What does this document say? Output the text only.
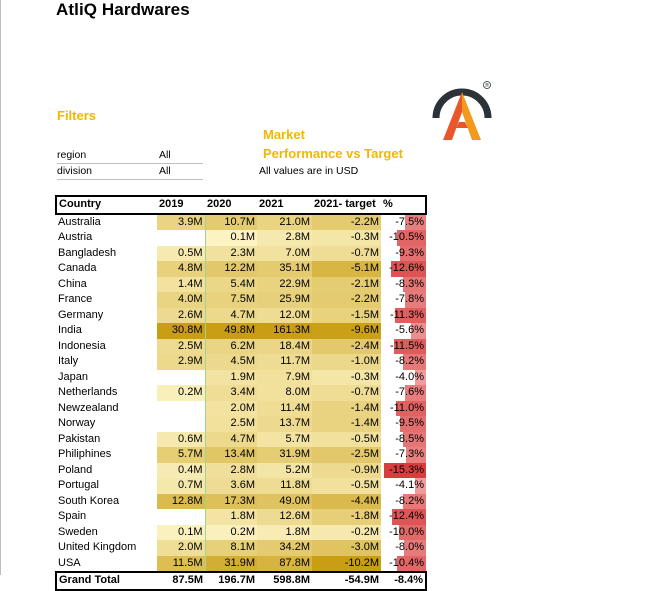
AtliQ Hardwares
Filters
region	All
division	All
Market
Performance vs Target
All values are in USD
®
Country	2019	2020	2021	2021- target	%
Australia	3.9M	10.7M	21.0M	-2.2M	-7.5%
Austria		0.1M	2.8M	-0.3M	-10.5%
Bangladesh	0.5M	2.3M	7.0M	-0.7M	-9.3%
Canada	4.8M	12.2M	35.1M	-5.1M	-12.6%
China	1.4M	5.4M	22.9M	-2.1M	-8.3%
France	4.0M	7.5M	25.9M	-2.2M	-7.8%
Germany	2.6M	4.7M	12.0M	-1.5M	-11.3%
India	30.8M	49.8M	161.3M	-9.6M	-5.6%
Indonesia	2.5M	6.2M	18.4M	-2.4M	-11.5%
Italy	2.9M	4.5M	11.7M	-1.0M	-8.2%
Japan		1.9M	7.9M	-0.3M	-4.0%
Netherlands	0.2M	3.4M	8.0M	-0.7M	-7.6%
Newzealand		2.0M	11.4M	-1.4M	-11.0%
Norway		2.5M	13.7M	-1.4M	-9.5%
Pakistan	0.6M	4.7M	5.7M	-0.5M	-8.5%
Philiphines	5.7M	13.4M	31.9M	-2.5M	-7.3%
Poland	0.4M	2.8M	5.2M	-0.9M	-15.3%
Portugal	0.7M	3.6M	11.8M	-0.5M	-4.1%
South Korea	12.8M	17.3M	49.0M	-4.4M	-8.2%
Spain		1.8M	12.6M	-1.8M	-12.4%
Sweden	0.1M	0.2M	1.8M	-0.2M	-10.0%
United Kingdom	2.0M	8.1M	34.2M	-3.0M	-8.0%
USA	11.5M	31.9M	87.8M	-10.2M	-10.4%
Grand Total	87.5M	196.7M	598.8M	-54.9M	-8.4%
